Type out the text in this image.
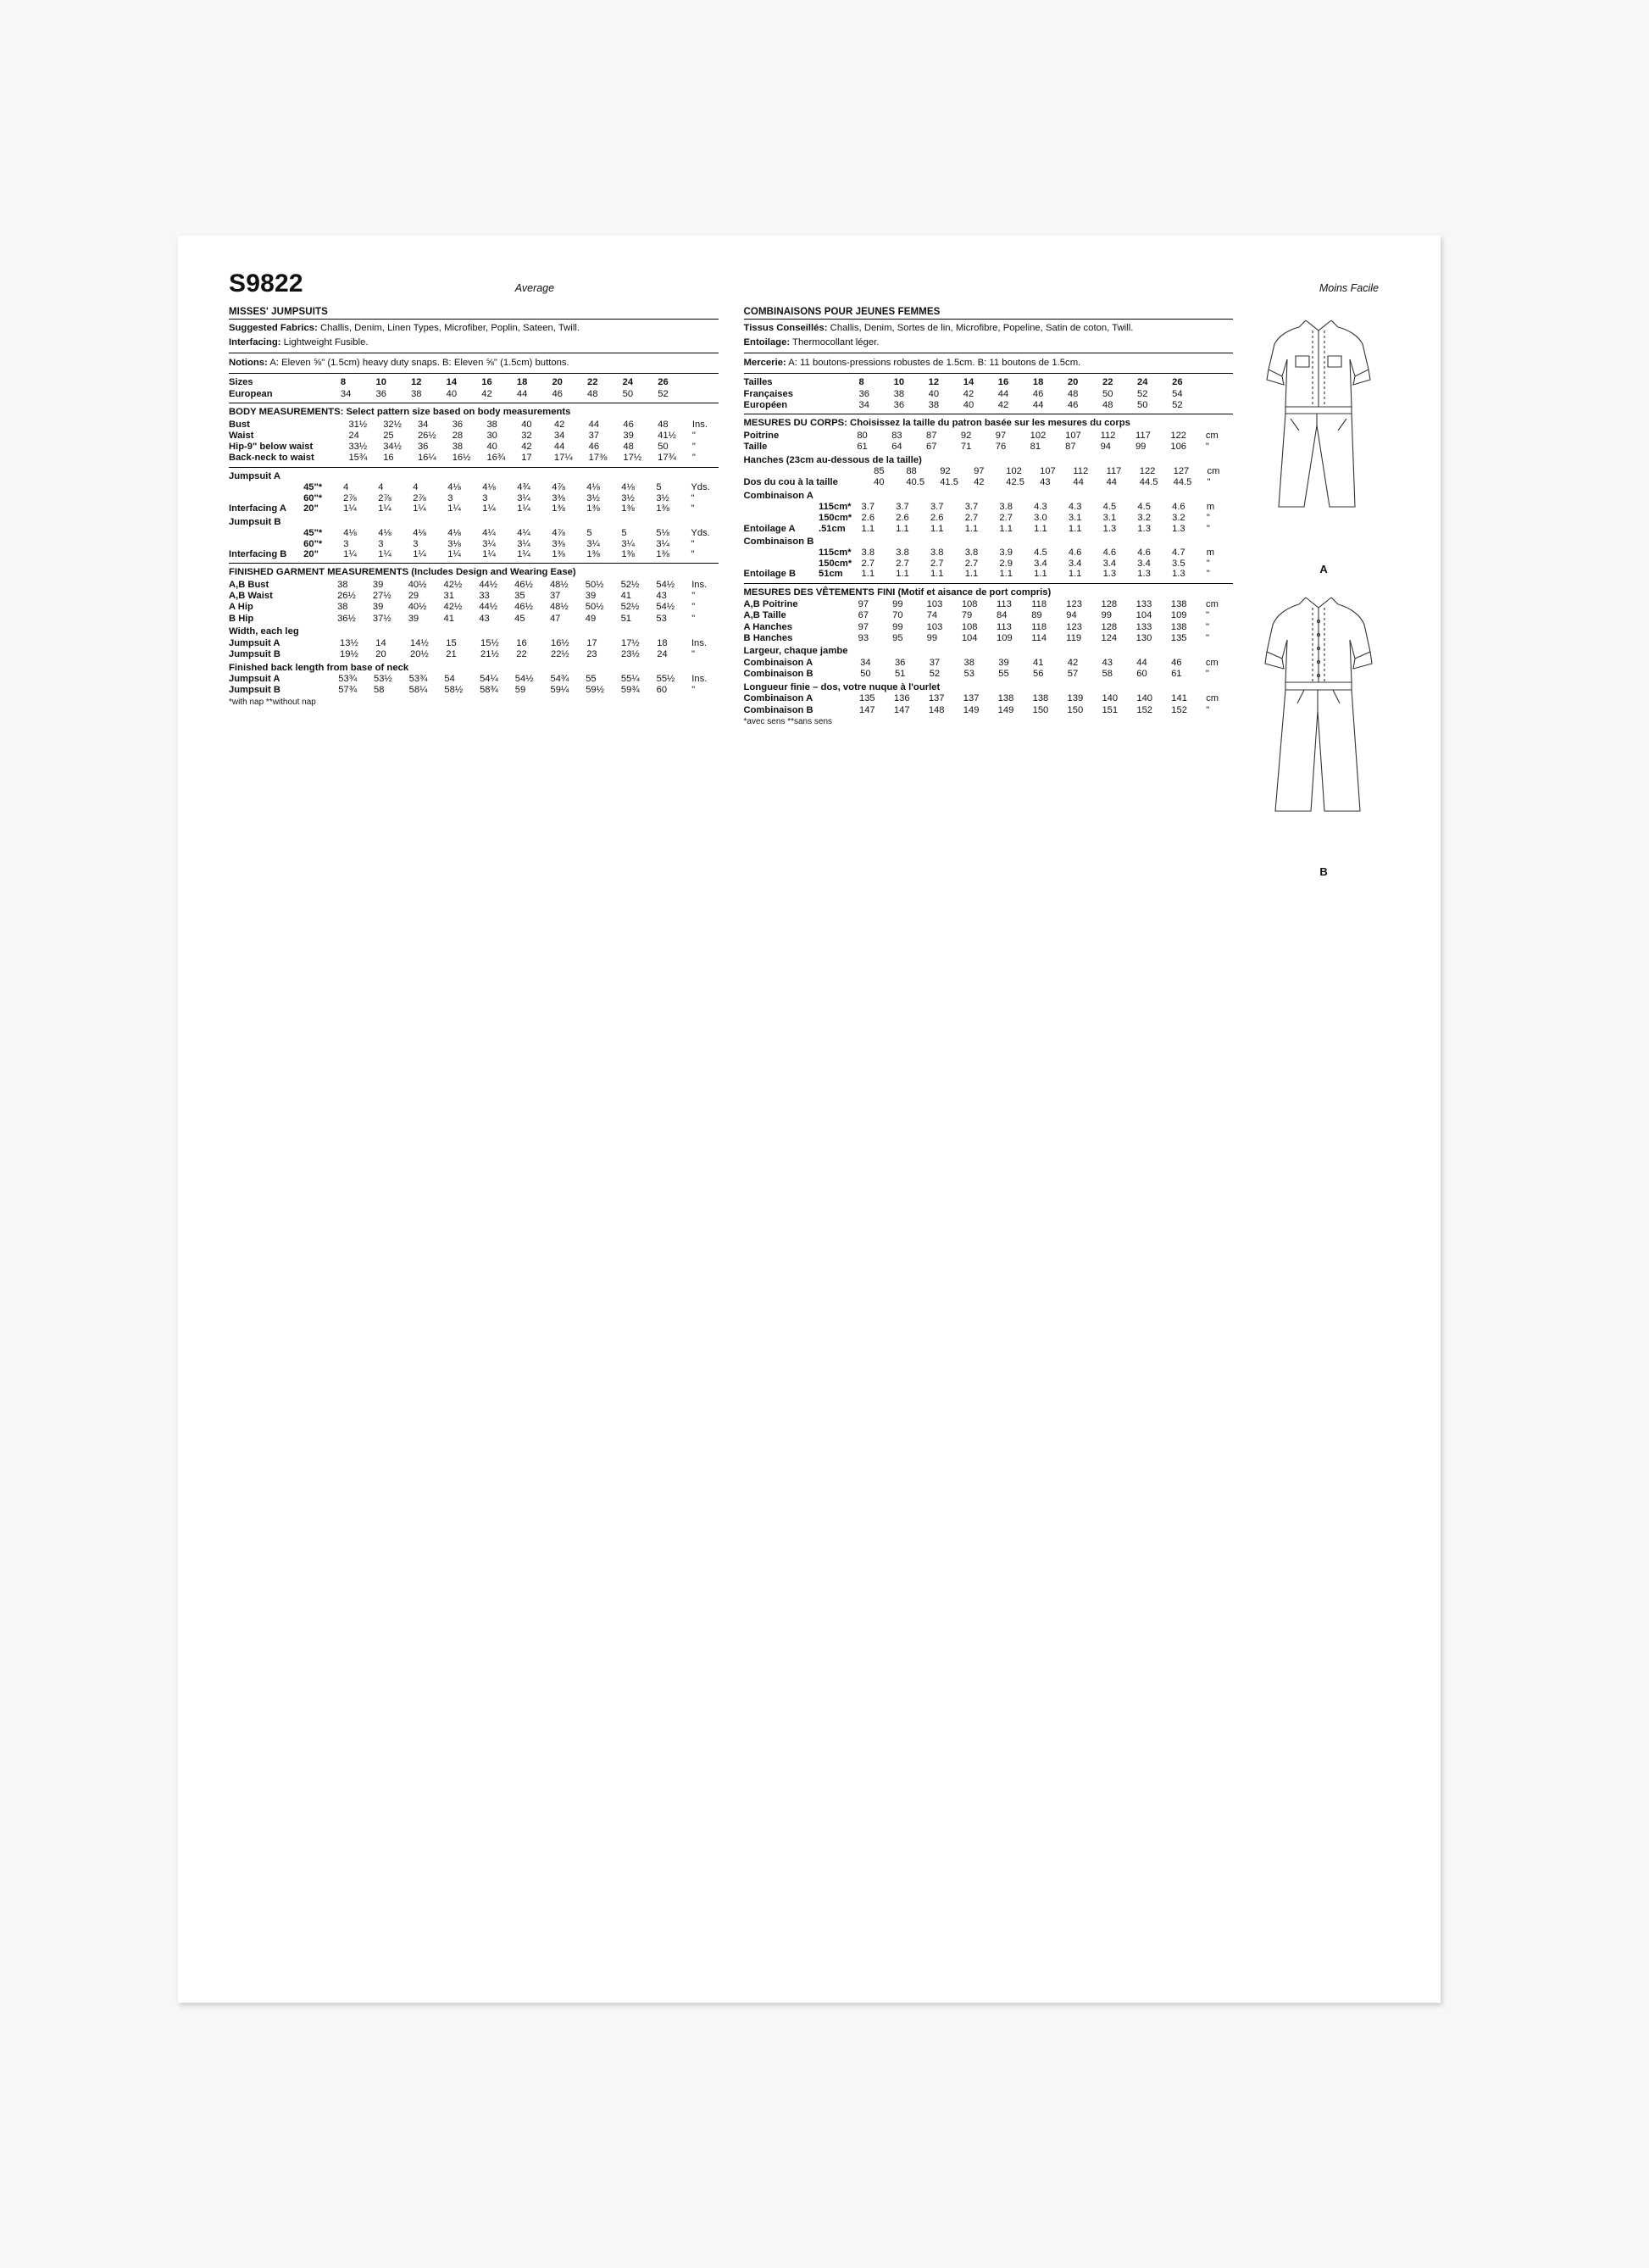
S9822	Average	Moins Facile
MISSES' JUMPSUITS

Suggested Fabrics: Challis, Denim, Linen Types, Microfiber, Poplin, Sateen, Twill.

Interfacing: Lightweight Fusible.

Notions: A: Eleven ⅝" (1.5cm) heavy duty snaps. B: Eleven ⅝" (1.5cm) buttons.

Sizes		8	10	12	14	16	18	20	22	24	26	
European		34	36	38	40	42	44	46	48	50	52	
BODY MEASUREMENTS: Select pattern size based on body measurements
Bust		31½	32½	34	36	38	40	42	44	46	48	Ins.
Waist		24	25	26½	28	30	32	34	37	39	41½	"
Hip-9" below waist		33½	34½	36	38	40	42	44	46	48	50	"
Back-neck to waist		15¾	16	16¼	16½	16¾	17	17¼	17⅜	17½	17¾	"
Jumpsuit A
	45"*	4	4	4	4⅛	4⅛	4¾	4⅞	4⅛	4⅛	5	Yds.
	60"*	2⅞	2⅞	2⅞	3	3	3¼	3⅜	3½	3½	3½	"
Interfacing A	20"	1¼	1¼	1¼	1¼	1¼	1¼	1⅜	1⅜	1⅜	1⅜	"
Jumpsuit B
	45"*	4⅛	4⅛	4⅛	4⅛	4¼	4¼	4⅞	5	5	5⅛	Yds.
	60"*	3	3	3	3⅛	3¼	3¼	3⅜	3¼	3¼	3¼	"
Interfacing B	20"	1¼	1¼	1¼	1¼	1¼	1¼	1⅜	1⅜	1⅜	1⅜	"
FINISHED GARMENT MEASUREMENTS (Includes Design and Wearing Ease)
A,B Bust		38	39	40½	42½	44½	46½	48½	50½	52½	54½	Ins.
A,B Waist		26½	27½	29	31	33	35	37	39	41	43	"
A Hip		38	39	40½	42½	44½	46½	48½	50½	52½	54½	"
B Hip		36½	37½	39	41	43	45	47	49	51	53	"
Width, each leg
Jumpsuit A		13½	14	14½	15	15½	16	16½	17	17½	18	Ins.
Jumpsuit B		19½	20	20½	21	21½	22	22½	23	23½	24	"
Finished back length from base of neck
Jumpsuit A		53¾	53½	53¾	54	54¼	54½	54¾	55	55¼	55½	Ins.
Jumpsuit B		57¾	58	58¼	58½	58¾	59	59¼	59½	59¾	60	"
*with nap **without nap
COMBINAISONS POUR JEUNES FEMMES

Tissus Conseillés: Challis, Denim, Sortes de lin, Microfibre, Popeline, Satin de coton, Twill.

Entoilage: Thermocollant léger.

Mercerie: A: 11 boutons-pressions robustes de 1.5cm. B: 11 boutons de 1.5cm.

Tailles		8	10	12	14	16	18	20	22	24	26	
Françaises		36	38	40	42	44	46	48	50	52	54	
Européen		34	36	38	40	42	44	46	48	50	52	
MESURES DU CORPS: Choisissez la taille du patron basée sur les mesures du corps
Poitrine		80	83	87	92	97	102	107	112	117	122	cm
Taille		61	64	67	71	76	81	87	94	99	106	"
Hanches (23cm au-dessous de la taille)
		85	88	92	97	102	107	112	117	122	127	cm
Dos du cou à la taille		40	40.5	41.5	42	42.5	43	44	44	44.5	44.5	"
Combinaison A
	115cm*	3.7	3.7	3.7	3.7	3.8	4.3	4.3	4.5	4.5	4.6	m
	150cm*	2.6	2.6	2.6	2.7	2.7	3.0	3.1	3.1	3.2	3.2	"
Entoilage A	.51cm	1.1	1.1	1.1	1.1	1.1	1.1	1.1	1.3	1.3	1.3	"
Combinaison B
	115cm*	3.8	3.8	3.8	3.8	3.9	4.5	4.6	4.6	4.6	4.7	m
	150cm*	2.7	2.7	2.7	2.7	2.9	3.4	3.4	3.4	3.4	3.5	"
Entoilage B	51cm	1.1	1.1	1.1	1.1	1.1	1.1	1.1	1.3	1.3	1.3	"
MESURES DES VÊTEMENTS FINI (Motif et aisance de port compris)
A,B Poitrine		97	99	103	108	113	118	123	128	133	138	cm
A,B Taille		67	70	74	79	84	89	94	99	104	109	"
A Hanches		97	99	103	108	113	118	123	128	133	138	"
B Hanches		93	95	99	104	109	114	119	124	130	135	"
Largeur, chaque jambe
Combinaison A		34	36	37	38	39	41	42	43	44	46	cm
Combinaison B		50	51	52	53	55	56	57	58	60	61	"
Longueur finie – dos, votre nuque à l'ourlet
Combinaison A		135	136	137	137	138	138	139	140	140	141	cm
Combinaison B		147	147	148	149	149	150	150	151	152	152	"
*avec sens **sans sens
A
B
